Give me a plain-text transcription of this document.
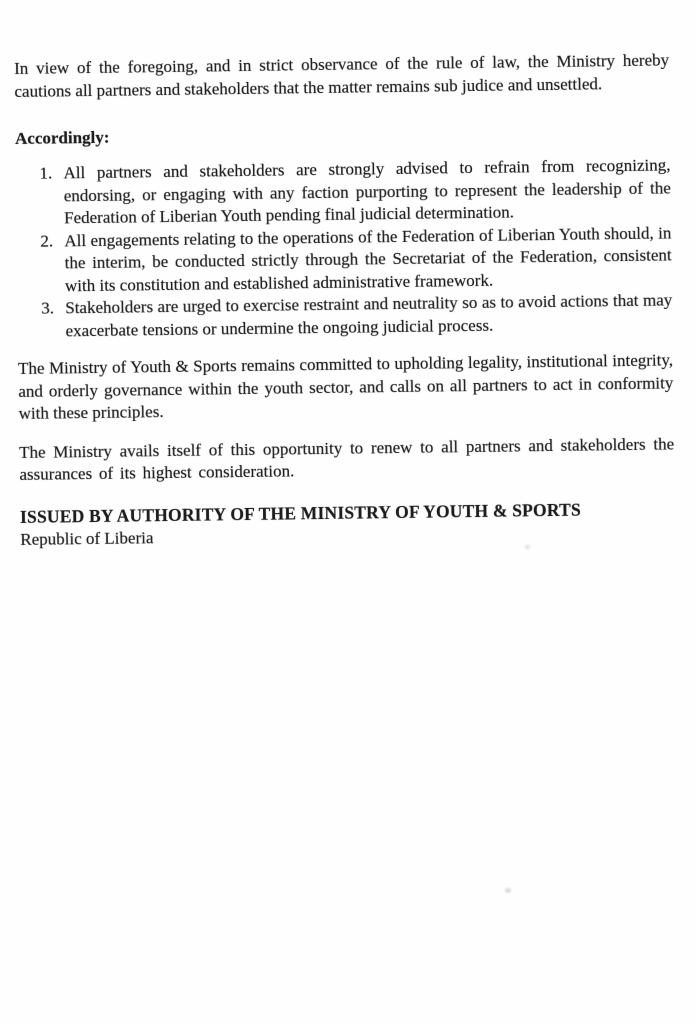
In view of the foregoing, and in strict observance of the rule of law, the Ministry hereby cautions all partners and stakeholders that the matter remains sub judice and unsettled.

Accordingly:

1. All partners and stakeholders are strongly advised to refrain from recognizing, endorsing, or engaging with any faction purporting to represent the leadership of the Federation of Liberian Youth pending final judicial determination.
2. All engagements relating to the operations of the Federation of Liberian Youth should, in the interim, be conducted strictly through the Secretariat of the Federation, consistent with its constitution and established administrative framework.
3. Stakeholders are urged to exercise restraint and neutrality so as to avoid actions that may exacerbate tensions or undermine the ongoing judicial process.

The Ministry of Youth & Sports remains committed to upholding legality, institutional integrity, and orderly governance within the youth sector, and calls on all partners to act in conformity with these principles.

The Ministry avails itself of this opportunity to renew to all partners and stakeholders the assurances of its highest consideration.

ISSUED BY AUTHORITY OF THE MINISTRY OF YOUTH & SPORTS

Republic of Liberia
